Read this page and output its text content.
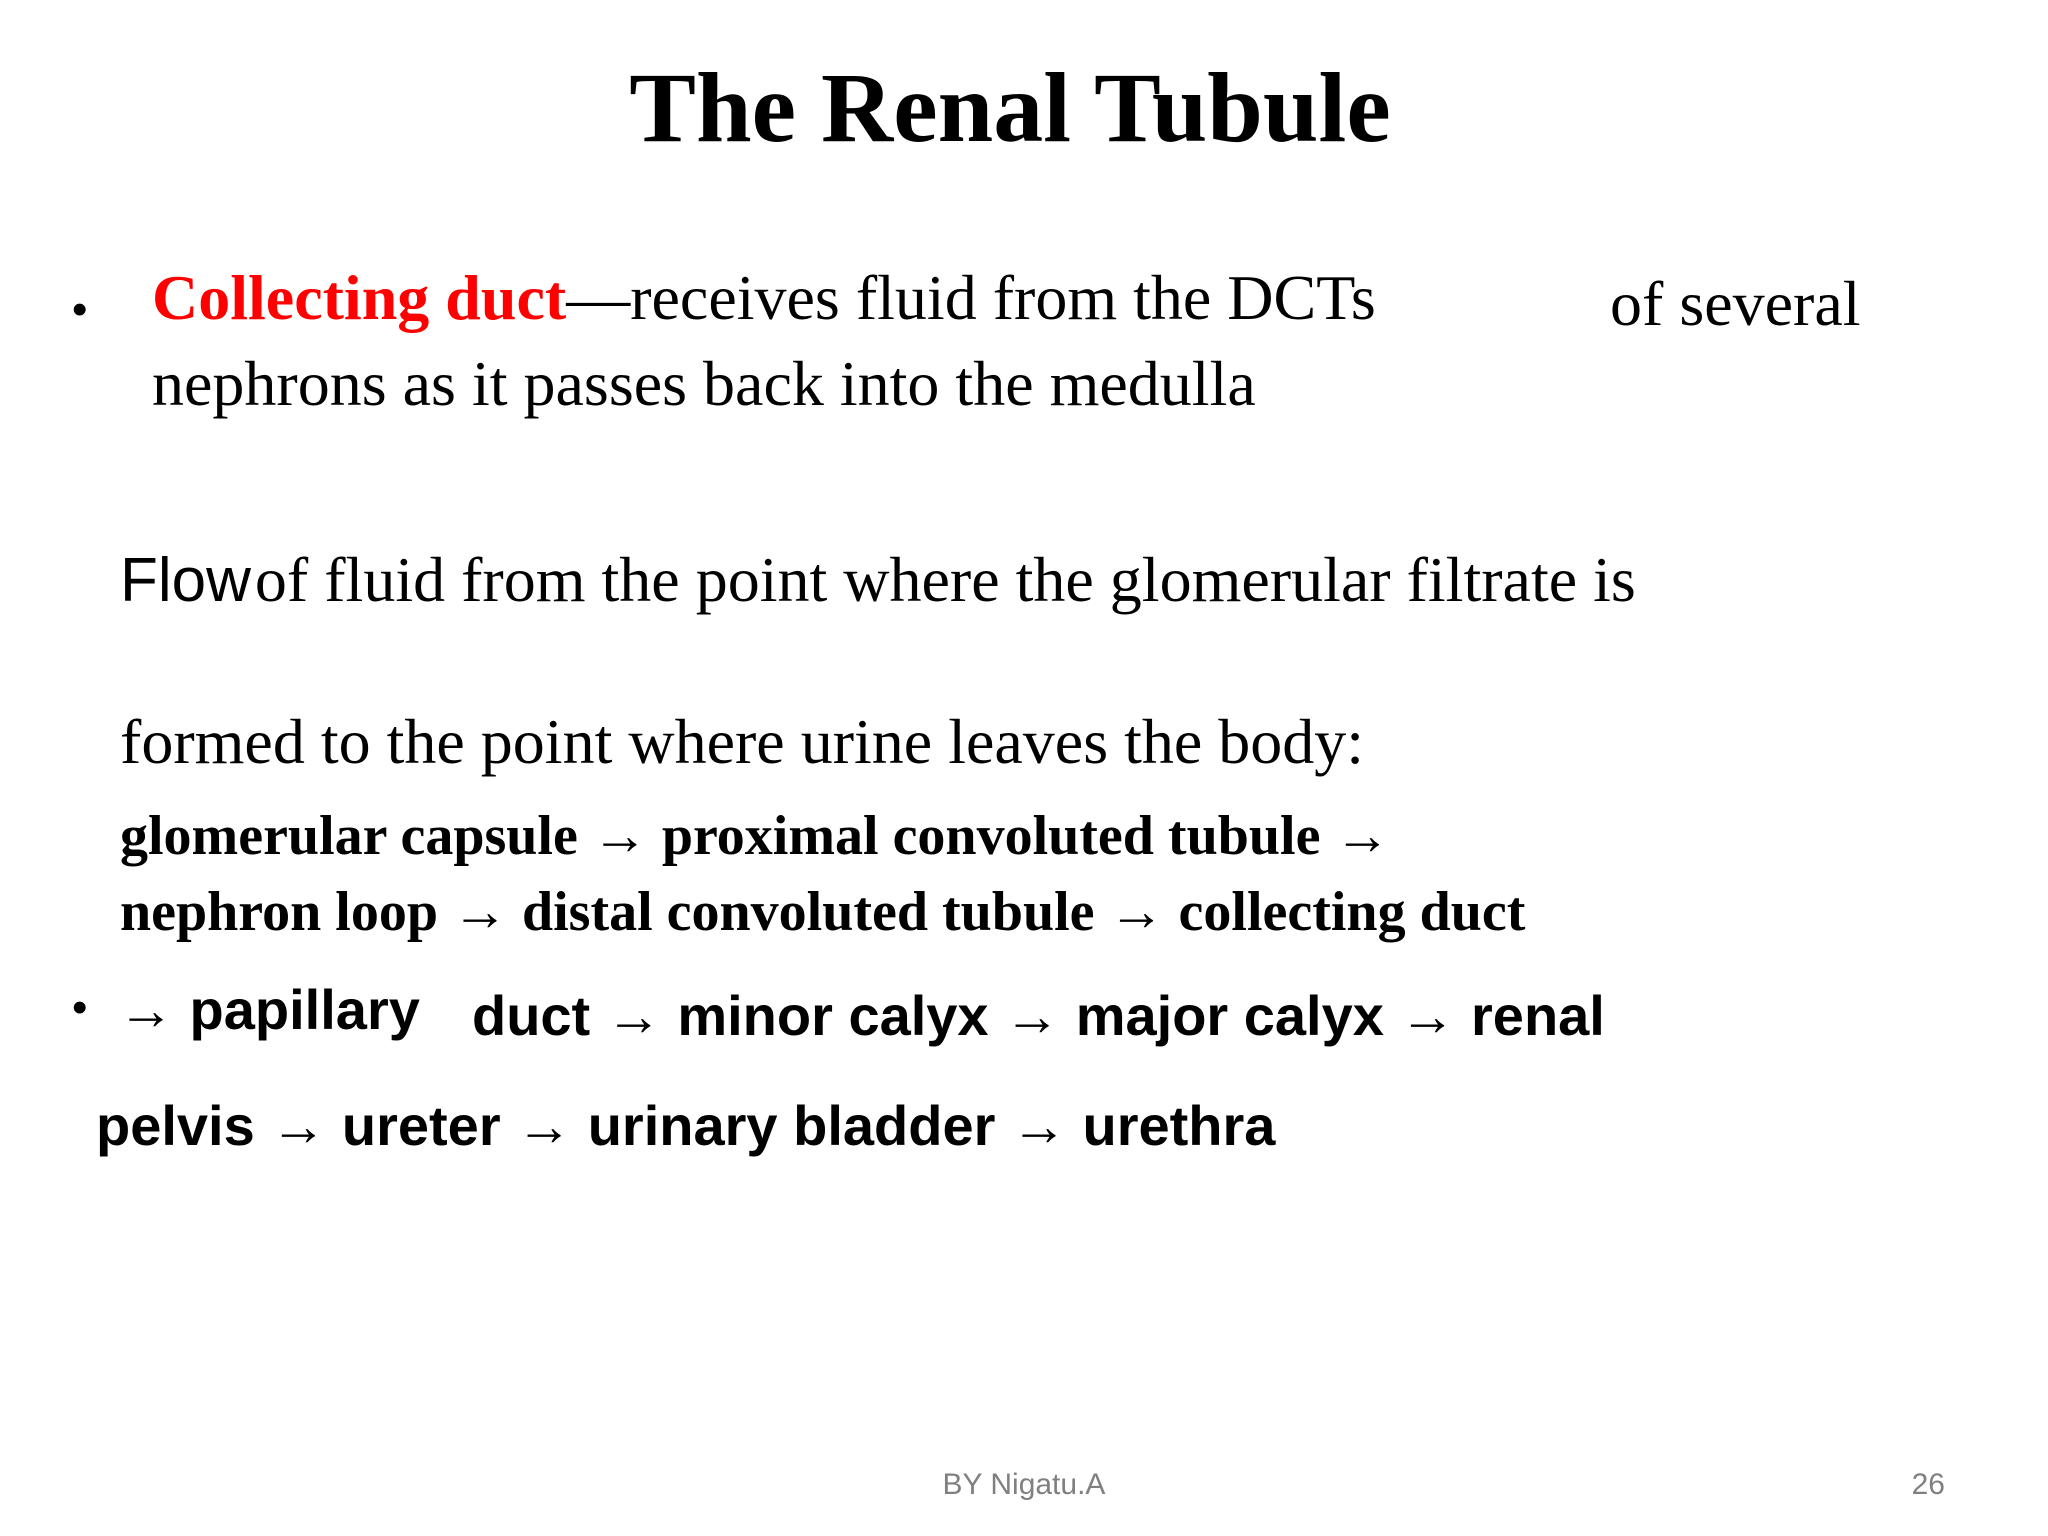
The Renal Tubule
• Collecting duct—receives fluid from the DCTs	of several
nephrons as it passes back into the medulla
Flow of fluid from the point where the glomerular filtrate is
formed to the point where urine leaves the body:
glomerular capsule → proximal convoluted tubule →
nephron loop → distal convoluted tubule → collecting duct
• → papillary duct → minor calyx → major calyx → renal
pelvis → ureter → urinary bladder → urethra
BY Nigatu.A	26
